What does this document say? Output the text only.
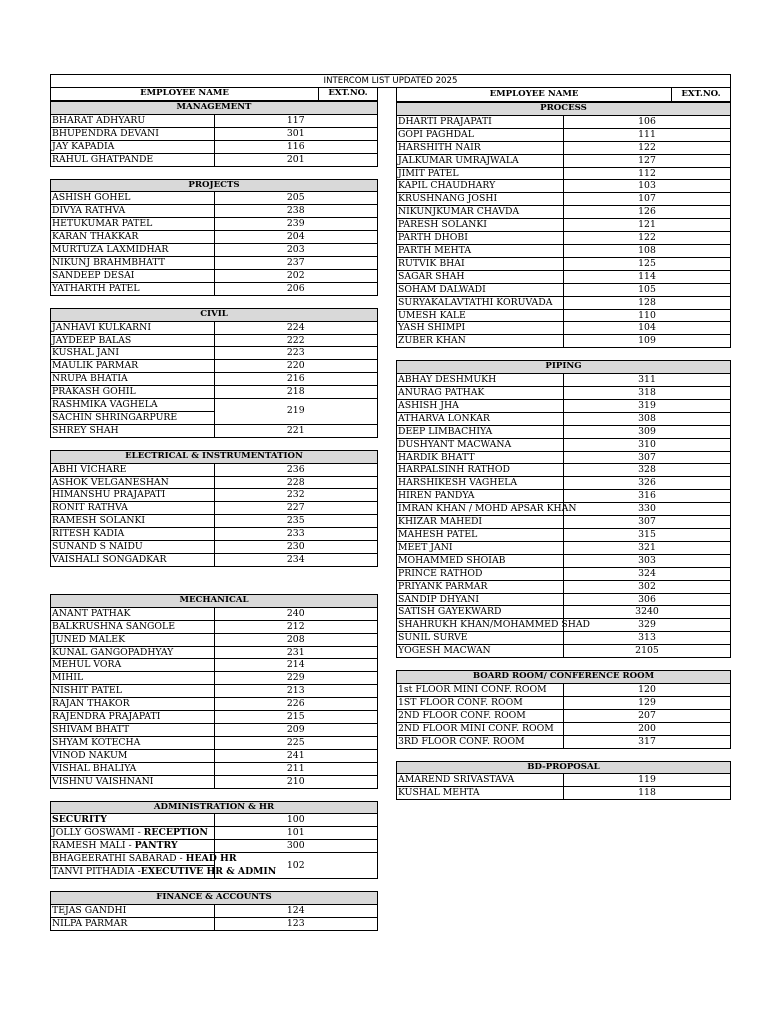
INTERCOM LIST UPDATED 2025
EMPLOYEE NAME	EXT.NO.
MANAGEMENT	
BHARAT ADHYARU	117
BHUPENDRA DEVANI	301
JAY KAPADIA	116
RAHUL GHATPANDE	201
PROJECTS	
ASHISH GOHEL	205
DIVYA RATHVA	238
HETUKUMAR PATEL	239
KARAN THAKKAR	204
MURTUZA LAXMIDHAR	203
NIKUNJ BRAHMBHATT	237
SANDEEP DESAI	202
YATHARTH PATEL	206
CIVIL	
JANHAVI KULKARNI	224
JAYDEEP BALAS	222
KUSHAL JANI	223
MAULIK PARMAR	220
NRUPA BHATIA	216
PRAKASH GOHIL	218
RASHMIKA VAGHELA	219
SACHIN SHRINGARPURE	
SHREY SHAH	221
ELECTRICAL & INSTRUMENTATION	
ABHI VICHARE	236
ASHOK VELGANESHAN	228
HIMANSHU PRAJAPATI	232
RONIT RATHVA	227
RAMESH SOLANKI	235
RITESH KADIA	233
SUNAND S NAIDU	230
VAISHALI SONGADKAR	234
MECHANICAL	
ANANT PATHAK	240
BALKRUSHNA SANGOLE	212
JUNED MALEK	208
KUNAL GANGOPADHYAY	231
MEHUL VORA	214
MIHIL	229
NISHIT PATEL	213
RAJAN THAKOR	226
RAJENDRA PRAJAPATI	215
SHIVAM BHATT	209
SHYAM KOTECHA	225
VINOD NAKUM	241
VISHAL BHALIYA	211
VISHNU VAISHNANI	210
ADMINISTRATION & HR	
SECURITY	100
JOLLY GOSWAMI - RECEPTION	101
RAMESH MALI - PANTRY	300
BHAGEERATHI SABARAD - HEAD HR	102
TANVI PITHADIA -EXECUTIVE HR & ADMIN	
FINANCE & ACCOUNTS	
TEJAS GANDHI	124
NILPA PARMAR	123
EMPLOYEE NAME	EXT.NO.
PROCESS	
DHARTI PRAJAPATI	106
GOPI PAGHDAL	111
HARSHITH NAIR	122
JALKUMAR UMRAJWALA	127
JIMIT PATEL	112
KAPIL CHAUDHARY	103
KRUSHNANG JOSHI	107
NIKUNJKUMAR CHAVDA	126
PARESH SOLANKI	121
PARTH DHOBI	122
PARTH MEHTA	108
RUTVIK BHAI	125
SAGAR SHAH	114
SOHAM DALWADI	105
SURYAKALAVTATHI KORUVADA	128
UMESH KALE	110
YASH SHIMPI	104
ZUBER KHAN	109
PIPING	
ABHAY DESHMUKH	311
ANURAG PATHAK	318
ASHISH JHA	319
ATHARVA LONKAR	308
DEEP LIMBACHIYA	309
DUSHYANT MACWANA	310
HARDIK BHATT	307
HARPALSINH RATHOD	328
HARSHIKESH VAGHELA	326
HIREN PANDYA	316
IMRAN KHAN / MOHD APSAR KHAN	330
KHIZAR MAHEDI	307
MAHESH PATEL	315
MEET JANI	321
MOHAMMED SHOIAB	303
PRINCE RATHOD	324
PRIYANK PARMAR	302
SANDIP DHYANI	306
SATISH GAYEKWARD	3240
SHAHRUKH KHAN/MOHAMMED SHAD	329
SUNIL SURVE	313
YOGESH MACWAN	2105
BOARD ROOM/ CONFERENCE ROOM	
1st FLOOR MINI CONF. ROOM	120
1ST FLOOR CONF. ROOM	129
2ND FLOOR CONF. ROOM	207
2ND FLOOR MINI CONF. ROOM	200
3RD FLOOR CONF. ROOM	317
BD-PROPOSAL	
AMAREND SRIVASTAVA	119
KUSHAL MEHTA	118
